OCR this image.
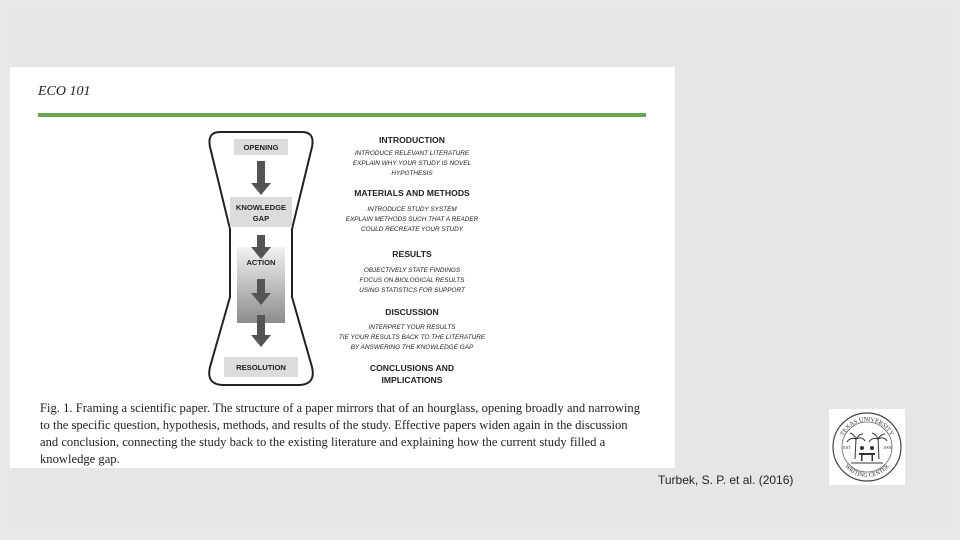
ECO 101
OPENING
KNOWLEDGE
GAP
ACTION
RESOLUTION
INTRODUCTION
INTRODUCE RELEVANT LITERATURE
EXPLAIN WHY YOUR STUDY IS NOVEL
HYPOTHESIS
MATERIALS AND METHODS
INTRODUCE STUDY SYSTEM
EXPLAIN METHODS SUCH THAT A READER
COULD RECREATE YOUR STUDY
RESULTS
OBJECTIVELY STATE FINDINGS
FOCUS ON BIOLOGICAL RESULTS
USING STATISTICS FOR SUPPORT
DISCUSSION
INTERPRET YOUR RESULTS
TIE YOUR RESULTS BACK TO THE LITERATURE
BY ANSWERING THE KNOWLEDGE GAP
CONCLUSIONS AND
IMPLICATIONS
Fig. 1. Framing a scientific paper. The structure of a paper mirrors that of an hourglass, opening broadly and narrowing to the specific question, hypothesis, methods, and results of the study. Effective papers widen again in the discussion and conclusion, connecting the study back to the existing literature and explaining how the current study filled a knowledge gap.
Turbek, S. P. et al. (2016)
TEXAS UNIVERSITY
WRITING CENTER
EST	1900
